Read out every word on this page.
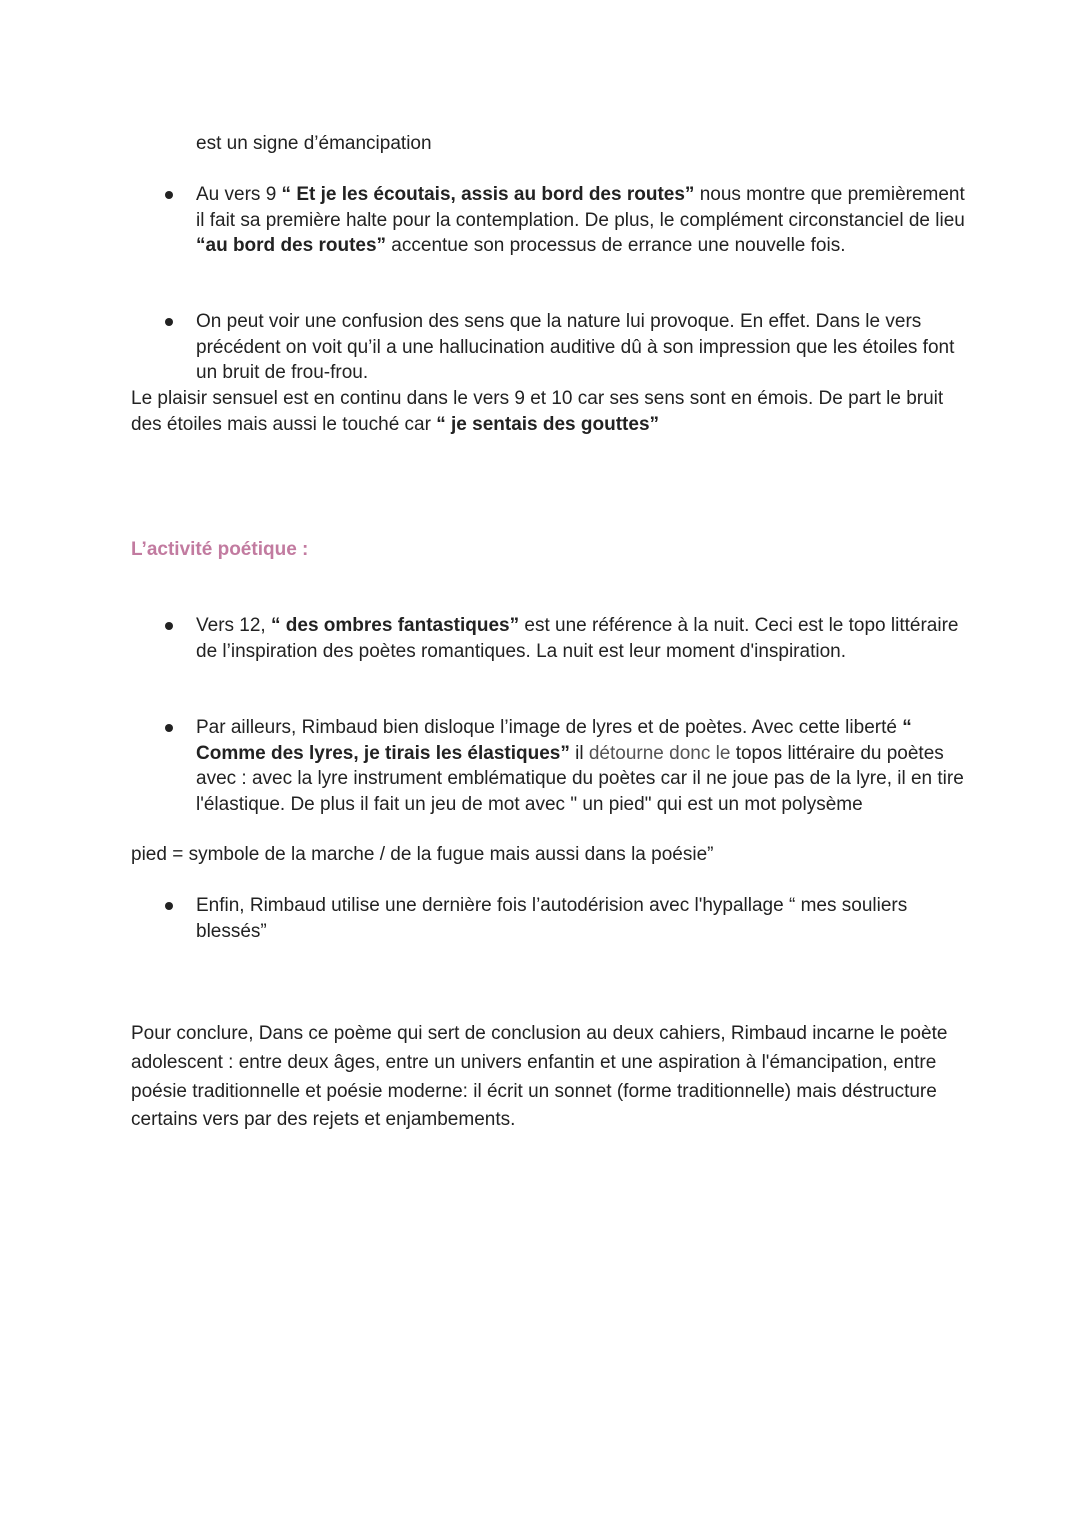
est un signe d’émancipation

Au vers 9 “ Et je les écoutais, assis au bord des routes” nous montre que premièrement il fait sa première halte pour la contemplation. De plus, le complément circonstanciel de lieu “au bord des routes” accentue son processus de errance une nouvelle fois.

On peut voir une confusion des sens que la nature lui provoque. En effet. Dans le vers précédent on voit qu’il a une hallucination auditive dû à son impression que les étoiles font un bruit de frou-frou.

Le plaisir sensuel est en continu dans le vers 9 et 10 car ses sens sont en émois. De part le bruit des étoiles mais aussi le touché car “ je sentais des gouttes”

L’activité poétique :

Vers 12, “ des ombres fantastiques” est une référence à la nuit. Ceci est le topo littéraire de l’inspiration des poètes romantiques. La nuit est leur moment d'inspiration.

Par ailleurs, Rimbaud bien disloque l’image de lyres et de poètes. Avec cette liberté “ Comme des lyres, je tirais les élastiques” il détourne donc le topos littéraire du poètes avec : avec la lyre instrument emblématique du poètes car il ne joue pas de la lyre, il en tire l'élastique. De plus il fait un jeu de mot avec " un pied" qui est un mot polysème

pied = symbole de la marche / de la fugue mais aussi dans la poésie”

Enfin, Rimbaud utilise une dernière fois l’autodérision avec l'hypallage “ mes souliers blessés”

Pour conclure, Dans ce poème qui sert de conclusion au deux cahiers, Rimbaud incarne le poète adolescent : entre deux âges, entre un univers enfantin et une aspiration à l'émancipation, entre poésie traditionnelle et poésie moderne: il écrit un sonnet (forme traditionnelle) mais déstructure certains vers par des rejets et enjambements.
